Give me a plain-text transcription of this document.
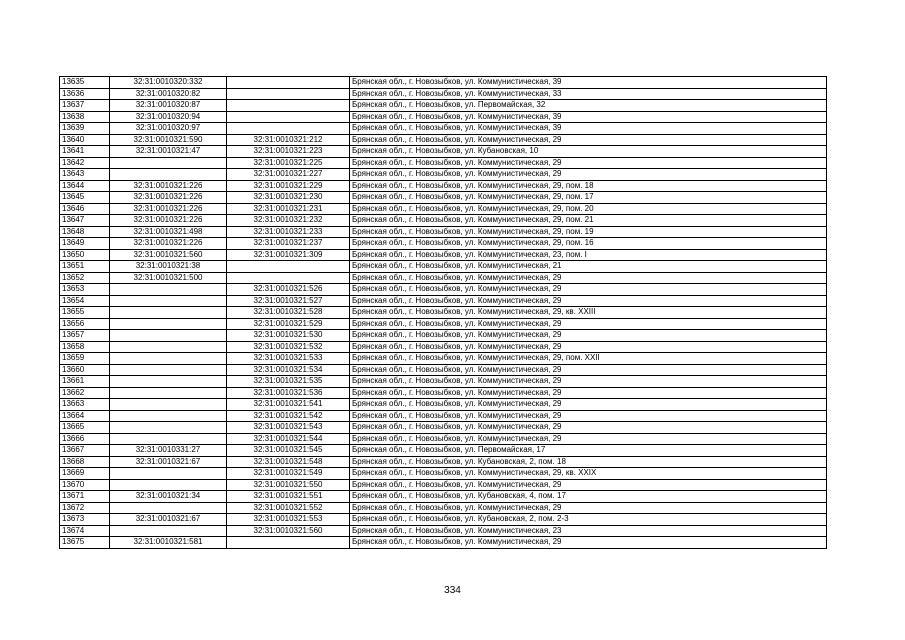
13635	32:31:0010320:332		Брянская обл., г. Новозыбков, ул. Коммунистическая, 39
13636	32:31:0010320:82		Брянская обл., г. Новозыбков, ул. Коммунистическая, 33
13637	32:31:0010320:87		Брянская обл., г. Новозыбков, ул. Первомайская, 32
13638	32:31:0010320:94		Брянская обл., г. Новозыбков, ул. Коммунистическая, 39
13639	32:31:0010320:97		Брянская обл., г. Новозыбков, ул. Коммунистическая, 39
13640	32:31:0010321:590	32:31:0010321:212	Брянская обл., г. Новозыбков, ул. Коммунистическая, 29
13641	32:31:0010321:47	32:31:0010321:223	Брянская обл., г. Новозыбков, ул. Кубановская, 10
13642		32:31:0010321:225	Брянская обл., г. Новозыбков, ул. Коммунистическая, 29
13643		32:31:0010321:227	Брянская обл., г. Новозыбков, ул. Коммунистическая, 29
13644	32:31:0010321:226	32:31:0010321:229	Брянская обл., г. Новозыбков, ул. Коммунистическая, 29, пом. 18
13645	32:31:0010321:226	32:31:0010321:230	Брянская обл., г. Новозыбков, ул. Коммунистическая, 29, пом. 17
13646	32:31:0010321:226	32:31:0010321:231	Брянская обл., г. Новозыбков, ул. Коммунистическая, 29, пом. 20
13647	32:31:0010321:226	32:31:0010321:232	Брянская обл., г. Новозыбков, ул. Коммунистическая, 29, пом. 21
13648	32:31:0010321:498	32:31:0010321:233	Брянская обл., г. Новозыбков, ул. Коммунистическая, 29, пом. 19
13649	32:31:0010321:226	32:31:0010321:237	Брянская обл., г. Новозыбков, ул. Коммунистическая, 29, пом. 16
13650	32:31:0010321:560	32:31:0010321:309	Брянская обл., г. Новозыбков, ул. Коммунистическая, 23, пом. I
13651	32:31:0010321:38		Брянская обл., г. Новозыбков, ул. Коммунистическая, 21
13652	32:31:0010321:500		Брянская обл., г. Новозыбков, ул. Коммунистическая, 29
13653		32:31:0010321:526	Брянская обл., г. Новозыбков, ул. Коммунистическая, 29
13654		32:31:0010321:527	Брянская обл., г. Новозыбков, ул. Коммунистическая, 29
13655		32:31:0010321:528	Брянская обл., г. Новозыбков, ул. Коммунистическая, 29, кв. XXIII
13656		32:31:0010321:529	Брянская обл., г. Новозыбков, ул. Коммунистическая, 29
13657		32:31:0010321:530	Брянская обл., г. Новозыбков, ул. Коммунистическая, 29
13658		32:31:0010321:532	Брянская обл., г. Новозыбков, ул. Коммунистическая, 29
13659		32:31:0010321:533	Брянская обл., г. Новозыбков, ул. Коммунистическая, 29, пом. XXII
13660		32:31:0010321:534	Брянская обл., г. Новозыбков, ул. Коммунистическая, 29
13661		32:31:0010321:535	Брянская обл., г. Новозыбков, ул. Коммунистическая, 29
13662		32:31:0010321:536	Брянская обл., г. Новозыбков, ул. Коммунистическая, 29
13663		32:31:0010321:541	Брянская обл., г. Новозыбков, ул. Коммунистическая, 29
13664		32:31:0010321:542	Брянская обл., г. Новозыбков, ул. Коммунистическая, 29
13665		32:31:0010321:543	Брянская обл., г. Новозыбков, ул. Коммунистическая, 29
13666		32:31:0010321:544	Брянская обл., г. Новозыбков, ул. Коммунистическая, 29
13667	32:31:0010331:27	32:31:0010321:545	Брянская обл., г. Новозыбков, ул. Первомайская, 17
13668	32:31:0010321:67	32:31:0010321:548	Брянская обл., г. Новозыбков, ул. Кубановская, 2, пом. 18
13669		32:31:0010321:549	Брянская обл., г. Новозыбков, ул. Коммунистическая, 29, кв. XXIX
13670		32:31:0010321:550	Брянская обл., г. Новозыбков, ул. Коммунистическая, 29
13671	32:31:0010321:34	32:31:0010321:551	Брянская обл., г. Новозыбков, ул. Кубановская, 4, пом. 17
13672		32:31:0010321:552	Брянская обл., г. Новозыбков, ул. Коммунистическая, 29
13673	32:31:0010321:67	32:31:0010321:553	Брянская обл., г. Новозыбков, ул. Кубановская, 2, пом. 2-3
13674		32:31:0010321:560	Брянская обл., г. Новозыбков, ул. Коммунистическая, 23
13675	32:31:0010321:581		Брянская обл., г. Новозыбков, ул. Коммунистическая, 29
334
